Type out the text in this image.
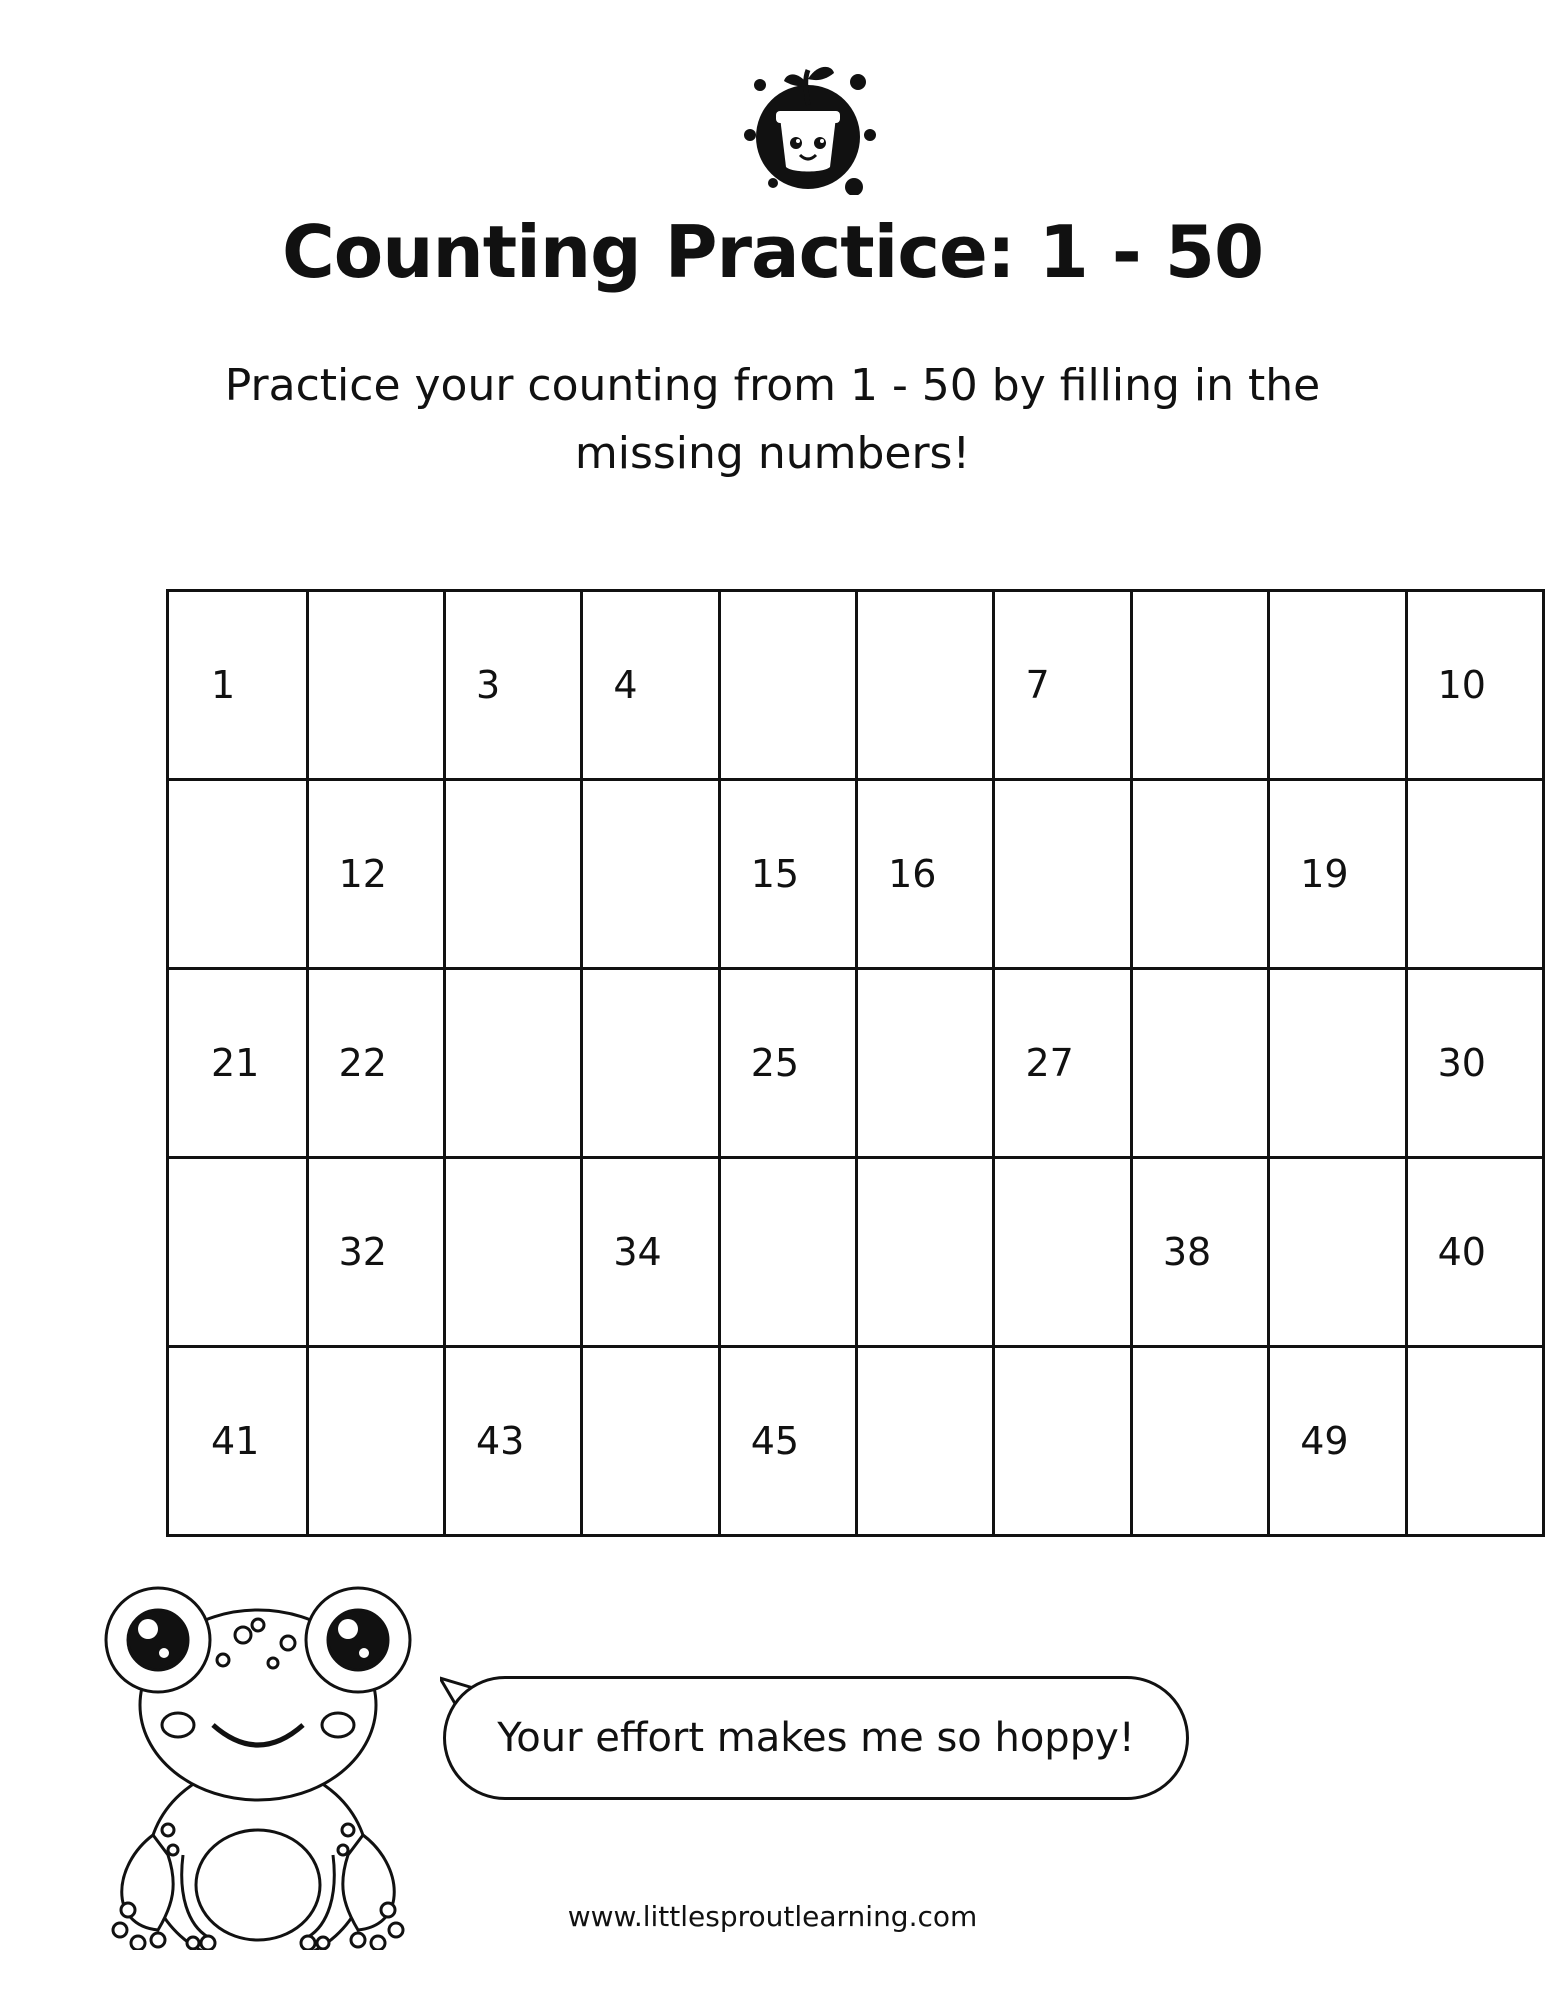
Counting Practice: 1 - 50
Practice your counting from 1 - 50 by filling in the missing numbers!
1		3	4			7			10
	12			15	16			19	
21	22			25		27			30
	32		34				38		40
41		43		45				49	
Your effort makes me so hoppy!
www.littlesproutlearning.com
